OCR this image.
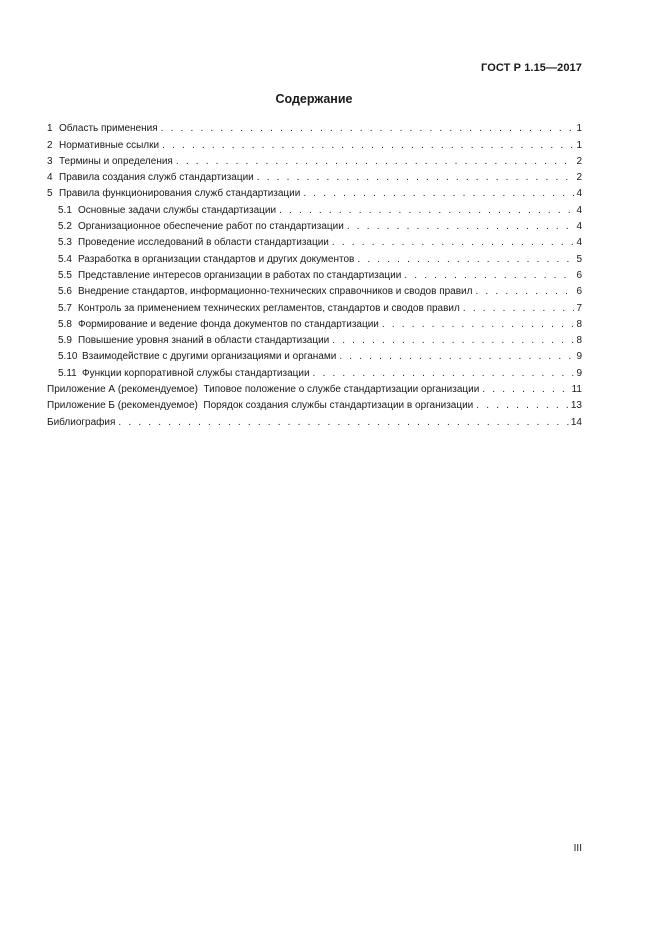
ГОСТ Р 1.15—2017
Содержание
1 Область применения . . .	1
2 Нормативные ссылки . . .	1
3 Термины и определения . . .	2
4 Правила создания служб стандартизации . . .	2
5 Правила функционирования служб стандартизации . . .	4
5.1 Основные задачи службы стандартизации . . .	4
5.2 Организационное обеспечение работ по стандартизации . . .	4
5.3 Проведение исследований в области стандартизации . . .	4
5.4 Разработка в организации стандартов и других документов . . .	5
5.5 Представление интересов организации в работах по стандартизации . . .	6
5.6 Внедрение стандартов, информационно-технических справочников и сводов правил . . .	6
5.7 Контроль за применением технических регламентов, стандартов и сводов правил . . .	7
5.8 Формирование и ведение фонда документов по стандартизации . . .	8
5.9 Повышение уровня знаний в области стандартизации . . .	8
5.10 Взаимодействие с другими организациями и органами . . .	9
5.11 Функции корпоративной службы стандартизации . . .	9
Приложение А (рекомендуемое)  Типовое положение о службе стандартизации организации . . .	11
Приложение Б (рекомендуемое)  Порядок создания службы стандартизации в организации . . .	13
Библиография . . .	14
III
